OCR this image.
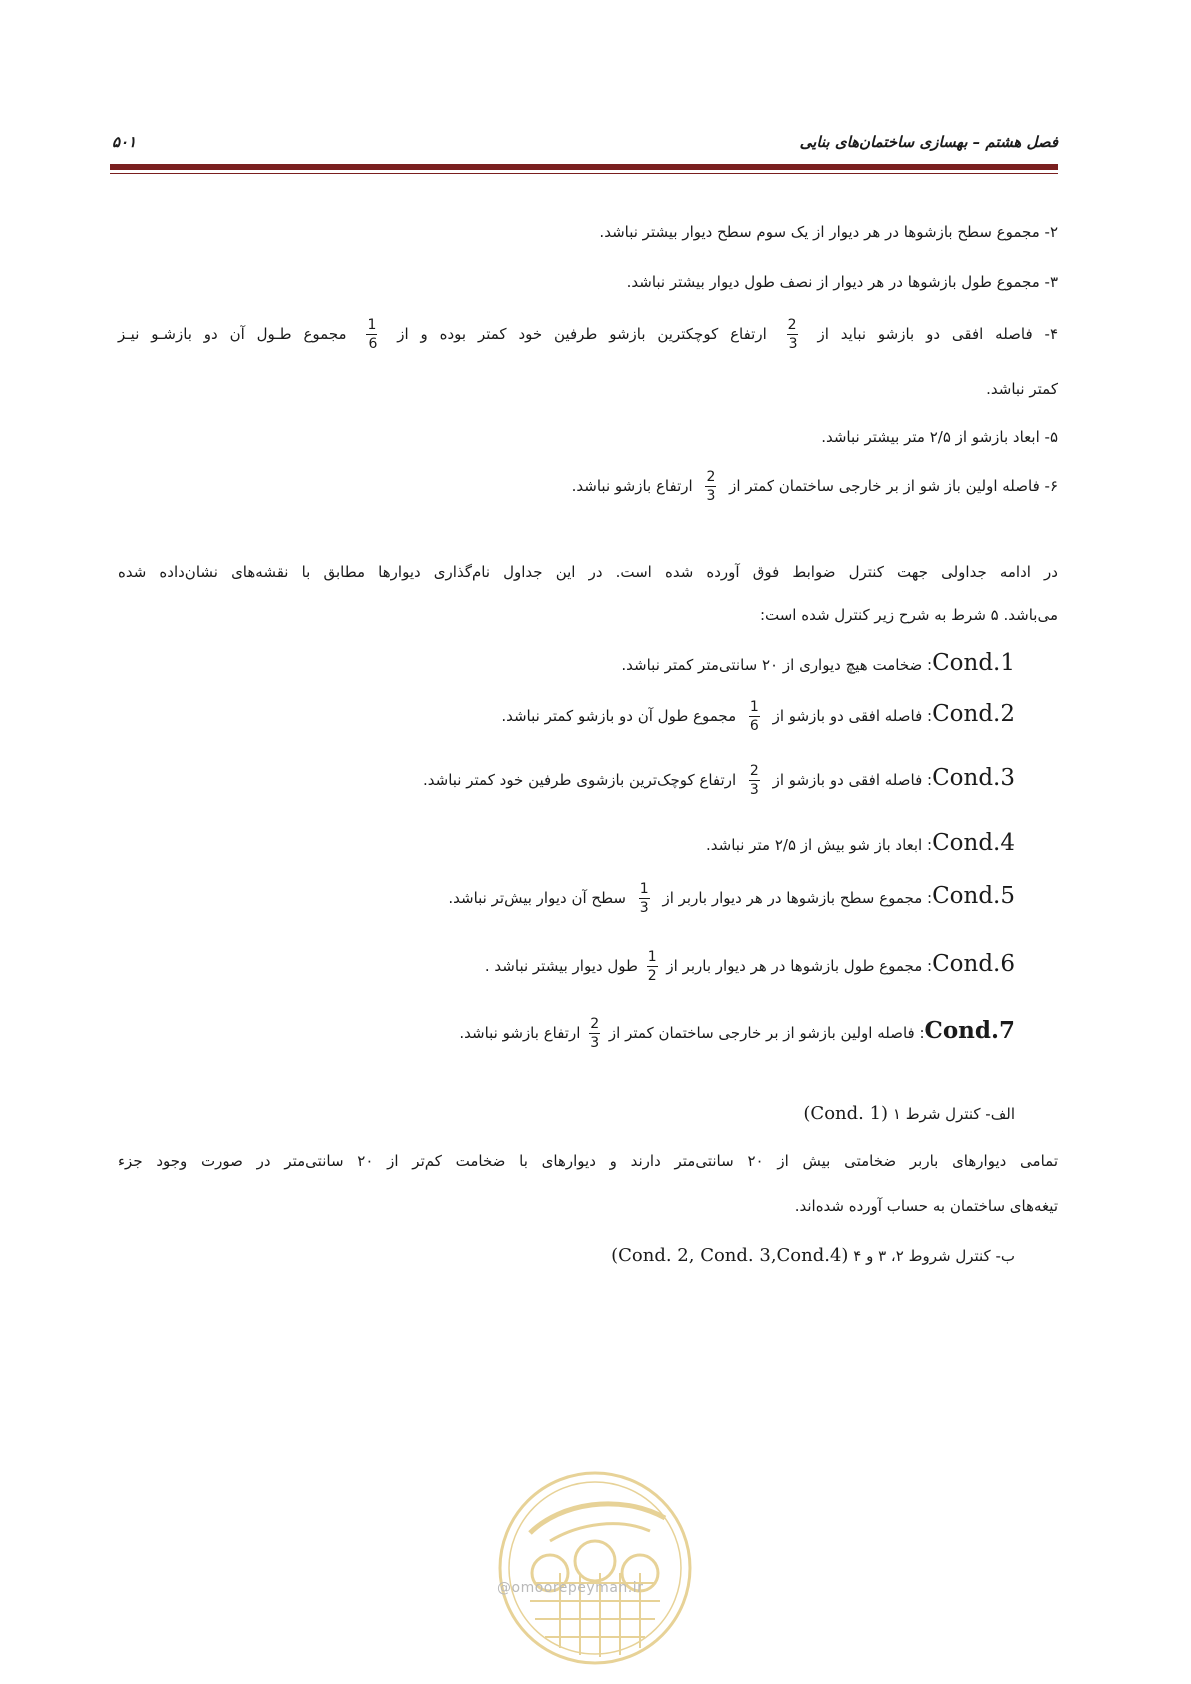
فصل هشتم – بهسازی ساختمان‌های بنایی
۵۰۱
۲- مجموع سطح بازشوها در هر دیوار از یک سوم سطح دیوار بیشتر نباشد.
۳- مجموع طول بازشوها در هر دیوار از نصف طول دیوار بیشتر نباشد.
۴- فاصله افقی دو بازشو نباید از
$\frac{2}{3}$
ارتفاع کوچکترین بازشو طرفین خود کمتر بوده و از
$\frac{1}{6}$
مجموع طـول آن دو بازشـو نیـز
کمتر نباشد.
۵- ابعاد بازشو از ۲/۵ متر بیشتر نباشد.
۶- فاصله اولین باز شو از بر خارجی ساختمان کمتر از
$\frac{2}{3}$
ارتفاع بازشو نباشد.
در ادامه جداولی جهت کنترل ضوابط فوق آورده شده است. در این جداول نام‌گذاری دیوارها مطابق با نقشه‌های نشان‌داده شده
می‌باشد. ۵ شرط به شرح زیر کنترل شده است:
Cond.1: ضخامت هیچ دیواری از ۲۰ سانتی‌متر کمتر نباشد.
Cond.2: فاصله افقی دو بازشو از
$\frac{1}{6}$
مجموع طول آن دو بازشو کمتر نباشد.
Cond.3: فاصله افقی دو بازشو از
$\frac{2}{3}$
ارتفاع کوچک‌ترین بازشوی طرفین خود کمتر نباشد.
Cond.4: ابعاد باز شو بیش از ۲/۵ متر نباشد.
Cond.5: مجموع سطح بازشوها در هر دیوار باربر از
$\frac{1}{3}$
سطح آن دیوار بیش‌تر نباشد.
Cond.6: مجموع طول بازشوها در هر دیوار باربر از
$\frac{1}{2}$
طول دیوار بیشتر نباشد .
Cond.7: فاصله اولین بازشو از بر خارجی ساختمان کمتر از
$\frac{2}{3}$
ارتفاع بازشو نباشد.
الف- کنترل شرط ۱ (Cond. 1)
تمامی دیوارهای باربر ضخامتی بیش از ۲۰ سانتی‌متر دارند و دیوارهای با ضخامت کم‌تر از ۲۰ سانتی‌متر در صورت وجود جزء
تیغه‌های ساختمان به حساب آورده شده‌اند.
ب- کنترل شروط ۲، ۳ و ۴ (Cond. 2, Cond. 3,Cond.4)
@omoorepeyman.ir
